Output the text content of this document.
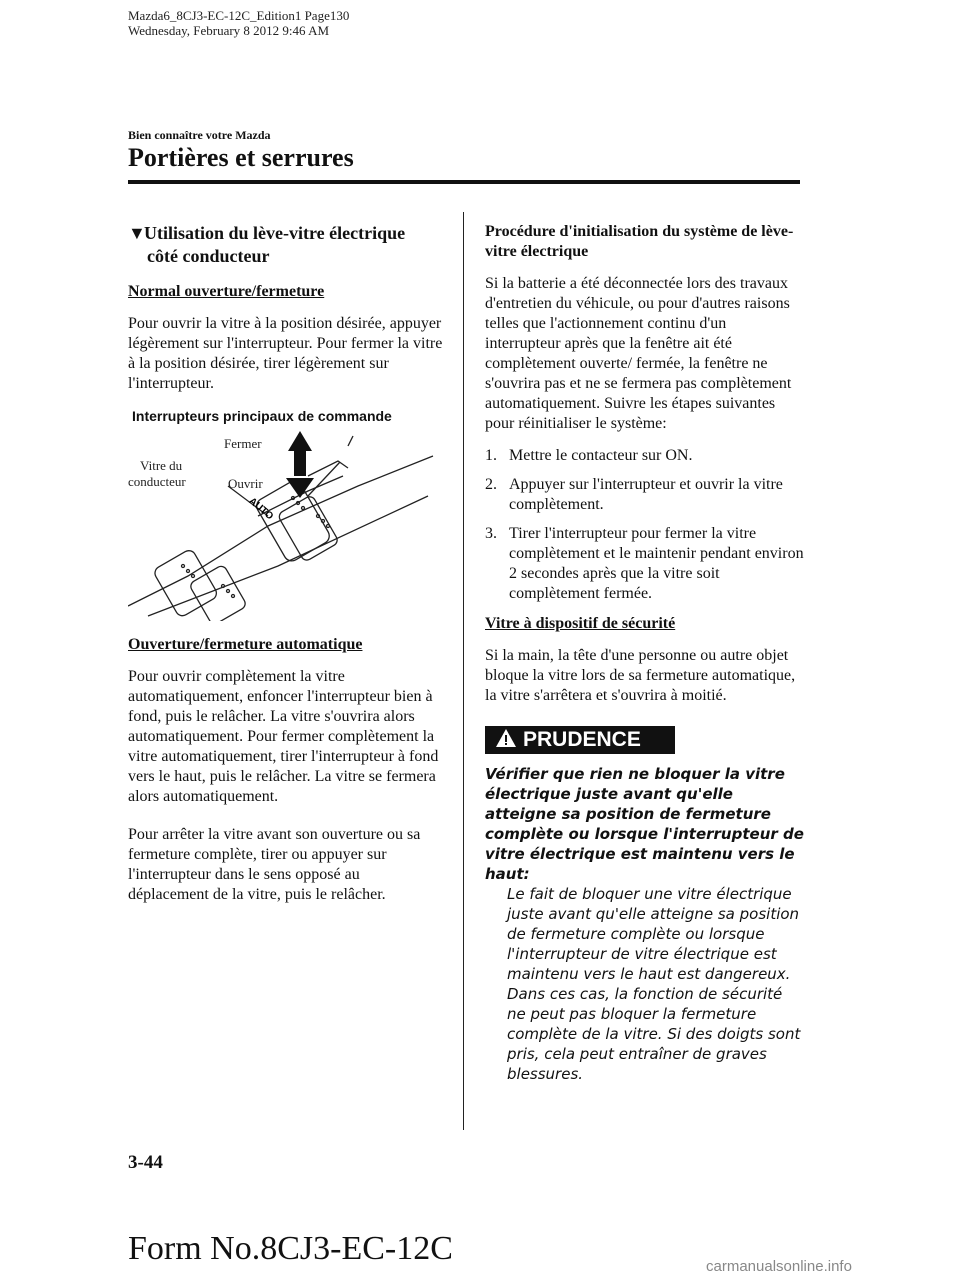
Mazda6_8CJ3-EC-12C_Edition1 Page130
Wednesday, February 8 2012 9:46 AM
Bien connaître votre Mazda
Portières et serrures
▼Utilisation du lève-vitre électrique
côté conducteur

Normal ouverture/fermeture

Pour ouvrir la vitre à la position désirée, appuyer légèrement sur l'interrupteur. Pour fermer la vitre à la position désirée, tirer légèrement sur l'interrupteur.

Interrupteurs principaux de commande
AUTO
Fermer
Vitre du
conducteur	Ouvrir

Ouverture/fermeture automatique

Pour ouvrir complètement la vitre automatiquement, enfoncer l'interrupteur bien à fond, puis le relâcher. La vitre s'ouvrira alors automatiquement. Pour fermer complètement la vitre automatiquement, tirer l'interrupteur à fond vers le haut, puis le relâcher. La vitre se fermera alors automatiquement.

Pour arrêter la vitre avant son ouverture ou sa fermeture complète, tirer ou appuyer sur l'interrupteur dans le sens opposé au déplacement de la vitre, puis le relâcher.

Procédure d'initialisation du système de lève-vitre électrique

Si la batterie a été déconnectée lors des travaux d'entretien du véhicule, ou pour d'autres raisons telles que l'actionnement continu d'un interrupteur après que la fenêtre ait été complètement ouverte/ fermée, la fenêtre ne s'ouvrira pas et ne se fermera pas complètement automatiquement. Suivre les étapes suivantes pour réinitialiser le système:

1. Mettre le contacteur sur ON.
2. Appuyer sur l'interrupteur et ouvrir la vitre complètement.
3. Tirer l'interrupteur pour fermer la vitre complètement et le maintenir pendant environ 2 secondes après que la vitre soit complètement fermée.

Vitre à dispositif de sécurité

Si la main, la tête d'une personne ou autre objet bloque la vitre lors de sa fermeture automatique, la vitre s'arrêtera et s'ouvrira à moitié.

PRUDENCE
Vérifier que rien ne bloquer la vitre électrique juste avant qu'elle atteigne sa position de fermeture complète ou lorsque l'interrupteur de vitre électrique est maintenu vers le haut:
Le fait de bloquer une vitre électrique juste avant qu'elle atteigne sa position de fermeture complète ou lorsque l'interrupteur de vitre électrique est maintenu vers le haut est dangereux.
Dans ces cas, la fonction de sécurité ne peut pas bloquer la fermeture complète de la vitre. Si des doigts sont pris, cela peut entraîner de graves blessures.
3-44
Form No.8CJ3-EC-12C	carmanualsonline.info
